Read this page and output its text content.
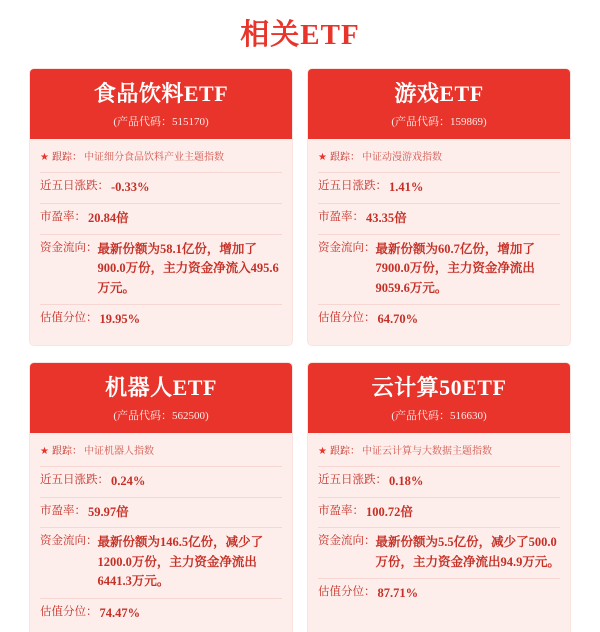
相关ETF
食品饮料ETF
(产品代码：515170)
★ 跟踪： 中证细分食品饮料产业主题指数
近五日涨跌： -0.33%
市盈率： 20.84倍
资金流向： 最新份额为58.1亿份，增加了900.0万份，主力资金净流入495.6万元。
估值分位： 19.95%
游戏ETF
(产品代码：159869)
★ 跟踪： 中证动漫游戏指数
近五日涨跌： 1.41%
市盈率： 43.35倍
资金流向： 最新份额为60.7亿份，增加了7900.0万份，主力资金净流出9059.6万元。
估值分位： 64.70%
机器人ETF
(产品代码：562500)
★ 跟踪： 中证机器人指数
近五日涨跌： 0.24%
市盈率： 59.97倍
资金流向： 最新份额为146.5亿份，减少了1200.0万份，主力资金净流出6441.3万元。
估值分位： 74.47%
云计算50ETF
(产品代码：516630)
★ 跟踪： 中证云计算与大数据主题指数
近五日涨跌： 0.18%
市盈率： 100.72倍
资金流向： 最新份额为5.5亿份，减少了500.0万份，主力资金净流出94.9万元。
估值分位： 87.71%
